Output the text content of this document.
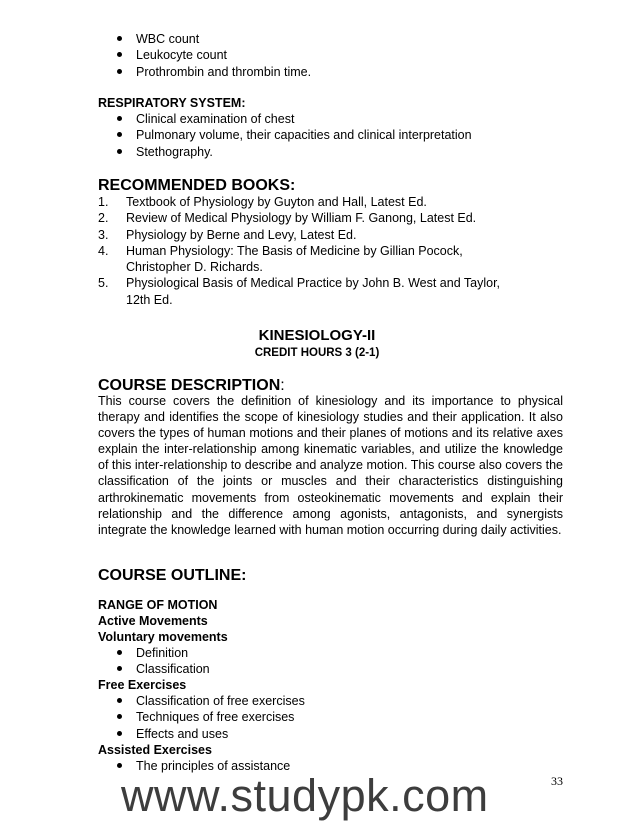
WBC count
Leukocyte count
Prothrombin and thrombin time.
RESPIRATORY SYSTEM:
Clinical examination of chest
Pulmonary volume, their capacities and clinical interpretation
Stethography.
RECOMMENDED BOOKS:
1. Textbook of Physiology by Guyton and Hall, Latest Ed.
2. Review of Medical Physiology by William F. Ganong, Latest Ed.
3. Physiology by Berne and Levy, Latest Ed.
4. Human Physiology: The Basis of Medicine by Gillian Pocock,
Christopher D. Richards.
5. Physiological Basis of Medical Practice by John B. West and Taylor,
12th Ed.
KINESIOLOGY-II
CREDIT HOURS 3 (2-1)
COURSE DESCRIPTION:
This course covers the definition of kinesiology and its importance to physical therapy and identifies the scope of kinesiology studies and their application. It also covers the types of human motions and their planes of motions and its relative axes explain the inter-relationship among kinematic variables, and utilize the knowledge of this inter-relationship to describe and analyze motion. This course also covers the classification of the joints or muscles and their characteristics distinguishing arthrokinematic movements from osteokinematic movements and explain their relationship and the difference among agonists, antagonists, and synergists integrate the knowledge learned with human motion occurring during daily activities.
COURSE OUTLINE:
RANGE OF MOTION
Active Movements
Voluntary movements
Definition
Classification
Free Exercises
Classification of free exercises
Techniques of free exercises
Effects and uses
Assisted Exercises
The principles of assistance
33
www.studypk.com
